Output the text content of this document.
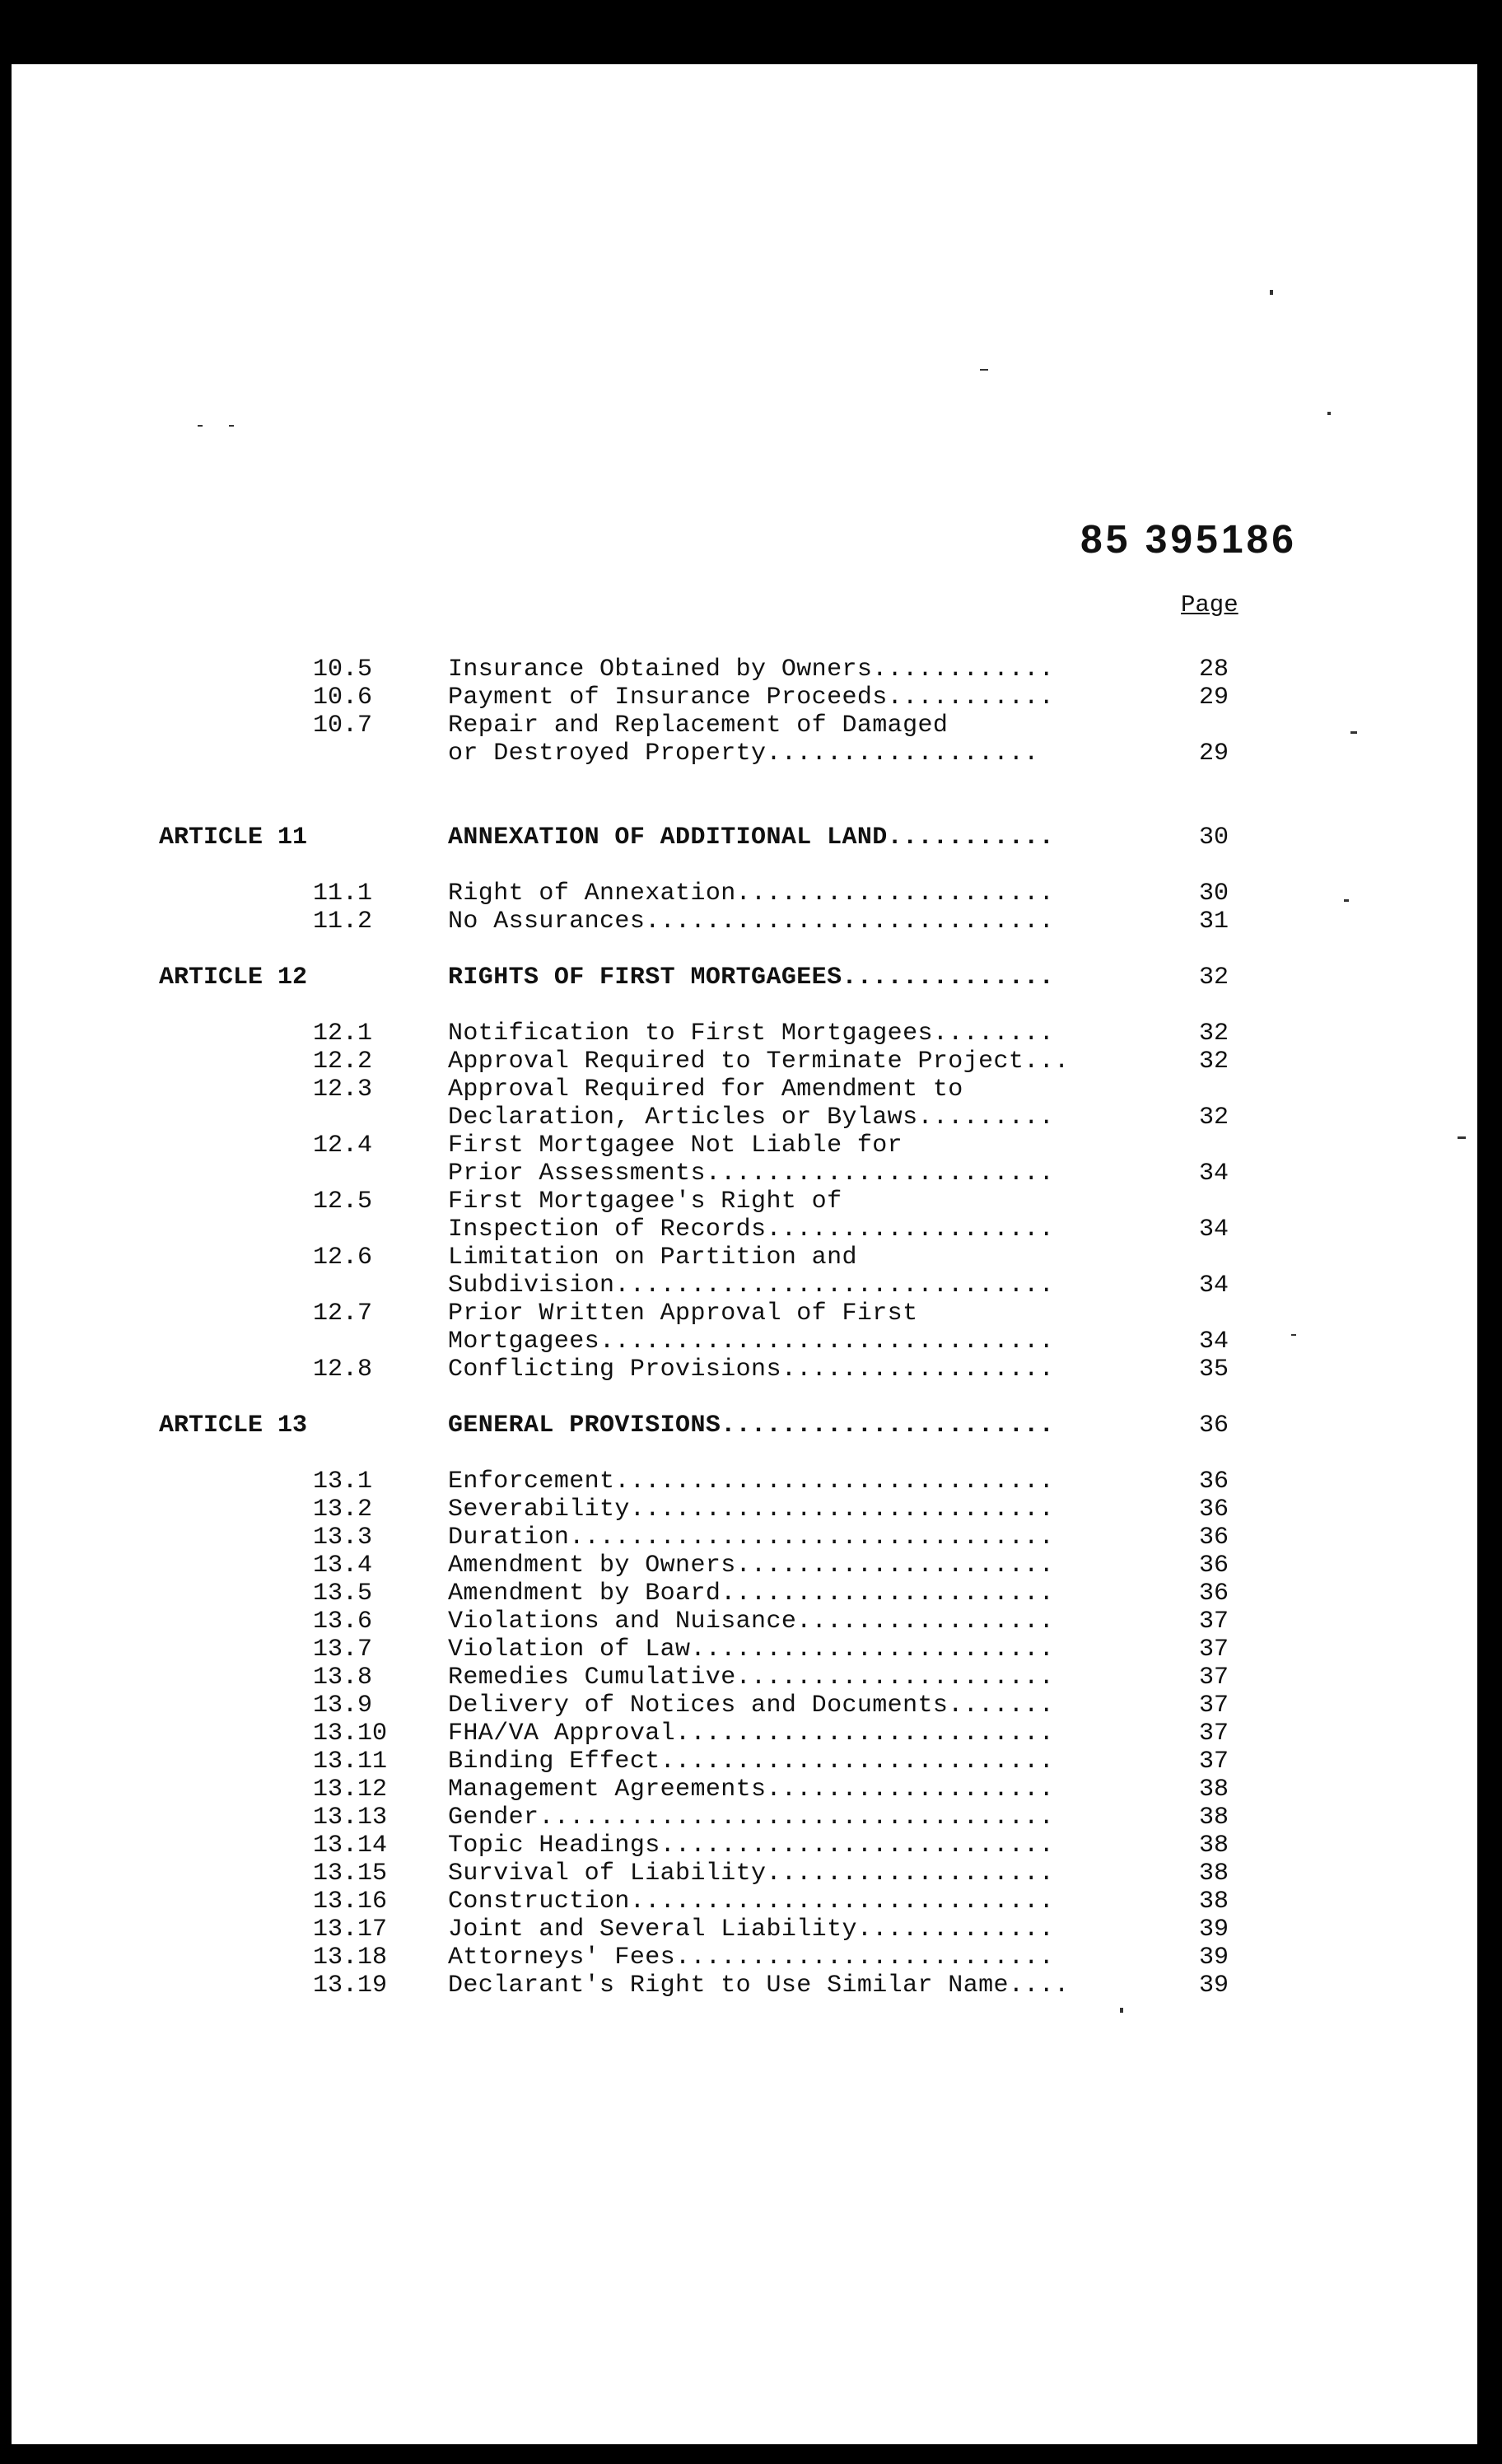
85 395186
Page
10.5	Insurance Obtained by Owners............	28
10.6	Payment of Insurance Proceeds...........	29
10.7	Repair and Replacement of Damaged
or Destroyed Property..................	29
ARTICLE 11	ANNEXATION OF ADDITIONAL LAND...........	30
11.1	Right of Annexation.....................	30
11.2	No Assurances...........................	31
ARTICLE 12	RIGHTS OF FIRST MORTGAGEES..............	32
12.1	Notification to First Mortgagees........	32
12.2	Approval Required to Terminate Project...	32
12.3	Approval Required for Amendment to
Declaration, Articles or Bylaws.........	32
12.4	First Mortgagee Not Liable for
Prior Assessments.......................	34
12.5	First Mortgagee's Right of
Inspection of Records...................	34
12.6	Limitation on Partition and
Subdivision.............................	34
12.7	Prior Written Approval of First
Mortgagees..............................	34
12.8	Conflicting Provisions..................	35
ARTICLE 13	GENERAL PROVISIONS......................	36
13.1	Enforcement.............................	36
13.2	Severability............................	36
13.3	Duration................................	36
13.4	Amendment by Owners.....................	36
13.5	Amendment by Board......................	36
13.6	Violations and Nuisance.................	37
13.7	Violation of Law........................	37
13.8	Remedies Cumulative.....................	37
13.9	Delivery of Notices and Documents.......	37
13.10 FHA/VA Approval.........................	37
13.11 Binding Effect..........................	37
13.12 Management Agreements...................	38
13.13 Gender..................................	38
13.14 Topic Headings..........................	38
13.15 Survival of Liability...................	38
13.16 Construction............................	38
13.17 Joint and Several Liability.............	39
13.18 Attorneys' Fees.........................	39
13.19 Declarant's Right to Use Similar Name....	39
••••••••••••
